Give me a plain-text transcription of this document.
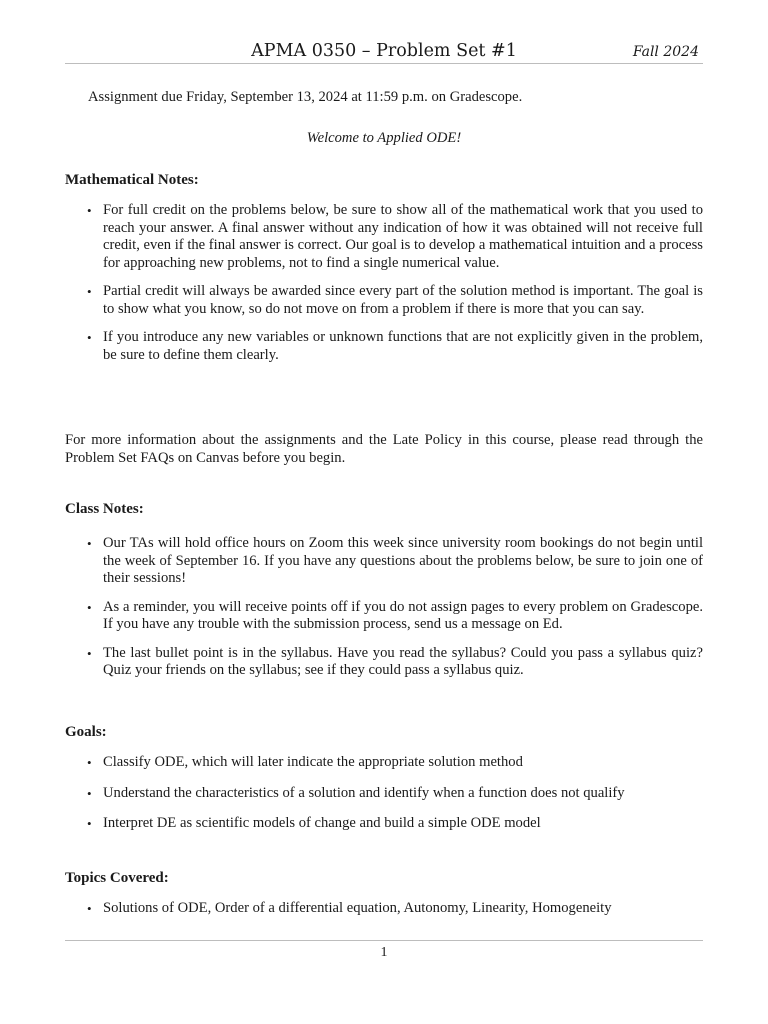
APMA 0350 – Problem Set #1	Fall 2024
Assignment due Friday, September 13, 2024 at 11:59 p.m. on Gradescope.
Welcome to Applied ODE!
Mathematical Notes:
• For full credit on the problems below, be sure to show all of the mathematical work that you used to reach your answer. A final answer without any indication of how it was obtained will not receive full credit, even if the final answer is correct. Our goal is to develop a mathematical intuition and a process for approaching new problems, not to find a single numerical value.
• Partial credit will always be awarded since every part of the solution method is important. The goal is to show what you know, so do not move on from a problem if there is more that you can say.
• If you introduce any new variables or unknown functions that are not explicitly given in the problem, be sure to define them clearly.
For more information about the assignments and the Late Policy in this course, please read through the Problem Set FAQs on Canvas before you begin.
Class Notes:
• Our TAs will hold office hours on Zoom this week since university room bookings do not begin until the week of September 16. If you have any questions about the problems below, be sure to join one of their sessions!
• As a reminder, you will receive points off if you do not assign pages to every problem on Gradescope. If you have any trouble with the submission process, send us a message on Ed.
• The last bullet point is in the syllabus. Have you read the syllabus? Could you pass a syllabus quiz? Quiz your friends on the syllabus; see if they could pass a syllabus quiz.
Goals:
• Classify ODE, which will later indicate the appropriate solution method
• Understand the characteristics of a solution and identify when a function does not qualify
• Interpret DE as scientific models of change and build a simple ODE model
Topics Covered:
• Solutions of ODE, Order of a differential equation, Autonomy, Linearity, Homogeneity
1
